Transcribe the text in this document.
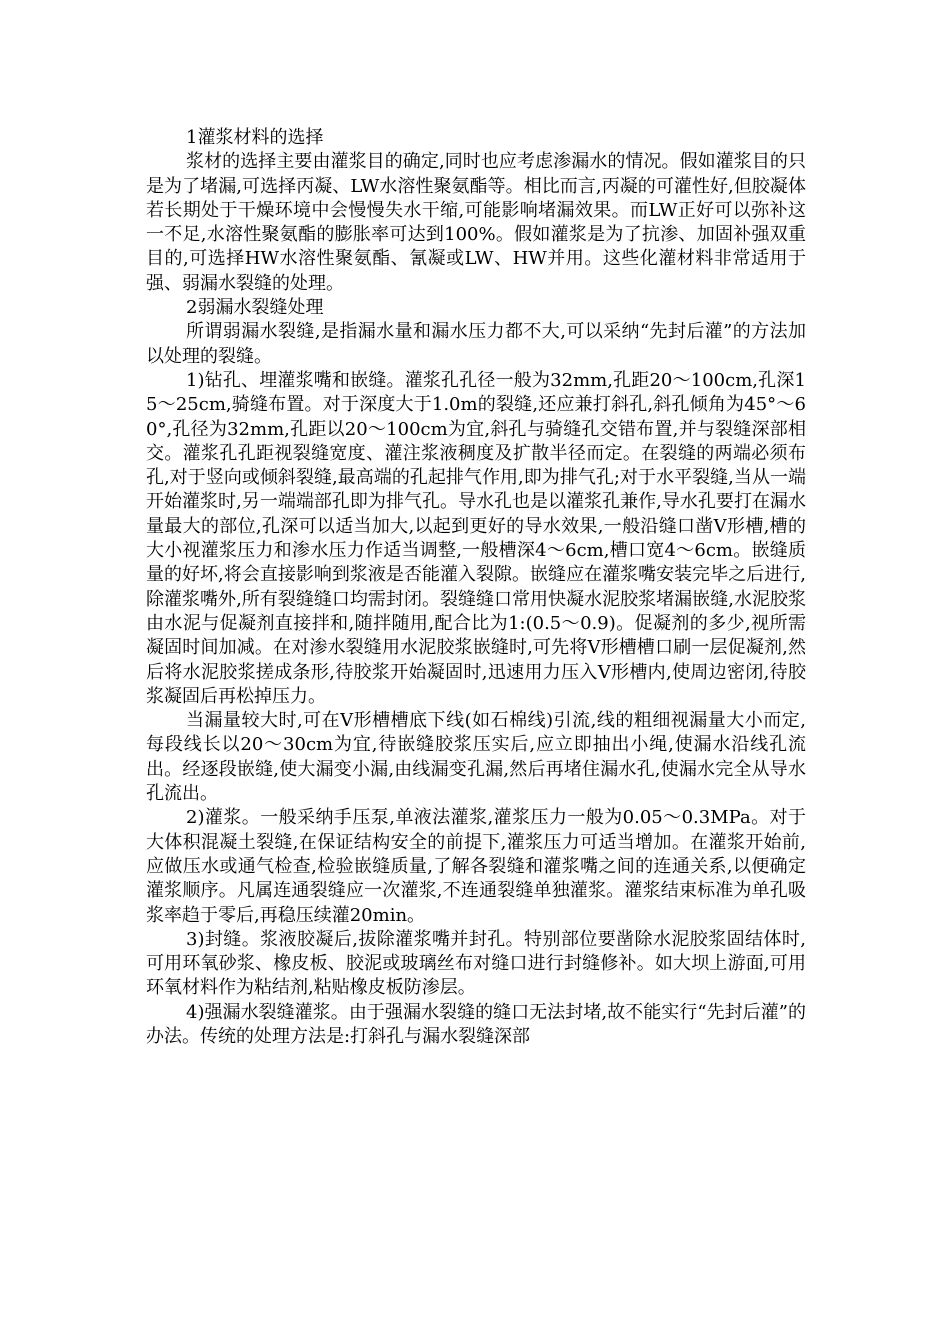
1灌浆材料的选择

浆材的选择主要由灌浆目的确定,同时也应考虑渗漏水的情况。假如灌浆目的只是为了堵漏,可选择丙凝、LW水溶性聚氨酯等。相比而言,丙凝的可灌性好,但胶凝体若长期处于干燥环境中会慢慢失水干缩,可能影响堵漏效果。而LW正好可以弥补这一不足,水溶性聚氨酯的膨胀率可达到100%。假如灌浆是为了抗渗、加固补强双重目的,可选择HW水溶性聚氨酯、氰凝或LW、HW并用。这些化灌材料非常适用于强、弱漏水裂缝的处理。

2弱漏水裂缝处理

所谓弱漏水裂缝,是指漏水量和漏水压力都不大,可以采纳“先封后灌”的方法加以处理的裂缝。

1)钻孔、埋灌浆嘴和嵌缝。灌浆孔孔径一般为32mm,孔距20～100cm,孔深15～25cm,骑缝布置。对于深度大于1.0m的裂缝,还应兼打斜孔,斜孔倾角为45°～60°,孔径为32mm,孔距以20～100cm为宜,斜孔与骑缝孔交错布置,并与裂缝深部相交。灌浆孔孔距视裂缝宽度、灌注浆液稠度及扩散半径而定。在裂缝的两端必须布孔,对于竖向或倾斜裂缝,最高端的孔起排气作用,即为排气孔;对于水平裂缝,当从一端开始灌浆时,另一端端部孔即为排气孔。导水孔也是以灌浆孔兼作,导水孔要打在漏水量最大的部位,孔深可以适当加大,以起到更好的导水效果,一般沿缝口凿V形槽,槽的大小视灌浆压力和渗水压力作适当调整,一般槽深4～6cm,槽口宽4～6cm。嵌缝质量的好坏,将会直接影响到浆液是否能灌入裂隙。嵌缝应在灌浆嘴安装完毕之后进行,除灌浆嘴外,所有裂缝缝口均需封闭。裂缝缝口常用快凝水泥胶浆堵漏嵌缝,水泥胶浆由水泥与促凝剂直接拌和,随拌随用,配合比为1:(0.5～0.9)。促凝剂的多少,视所需凝固时间加减。在对渗水裂缝用水泥胶浆嵌缝时,可先将V形槽槽口刷一层促凝剂,然后将水泥胶浆搓成条形,待胶浆开始凝固时,迅速用力压入V形槽内,使周边密闭,待胶浆凝固后再松掉压力。

当漏量较大时,可在V形槽槽底下线(如石棉线)引流,线的粗细视漏量大小而定,每段线长以20～30cm为宜,待嵌缝胶浆压实后,应立即抽出小绳,使漏水沿线孔流出。经逐段嵌缝,使大漏变小漏,由线漏变孔漏,然后再堵住漏水孔,使漏水完全从导水孔流出。

2)灌浆。一般采纳手压泵,单液法灌浆,灌浆压力一般为0.05～0.3MPa。对于大体积混凝土裂缝,在保证结构安全的前提下,灌浆压力可适当增加。在灌浆开始前,应做压水或通气检查,检验嵌缝质量,了解各裂缝和灌浆嘴之间的连通关系,以便确定灌浆顺序。凡属连通裂缝应一次灌浆,不连通裂缝单独灌浆。灌浆结束标准为单孔吸浆率趋于零后,再稳压续灌20min。

3)封缝。浆液胶凝后,拔除灌浆嘴并封孔。特别部位要凿除水泥胶浆固结体时,可用环氧砂浆、橡皮板、胶泥或玻璃丝布对缝口进行封缝修补。如大坝上游面,可用环氧材料作为粘结剂,粘贴橡皮板防渗层。

4)强漏水裂缝灌浆。由于强漏水裂缝的缝口无法封堵,故不能实行“先封后灌”的办法。传统的处理方法是:打斜孔与漏水裂缝深部
